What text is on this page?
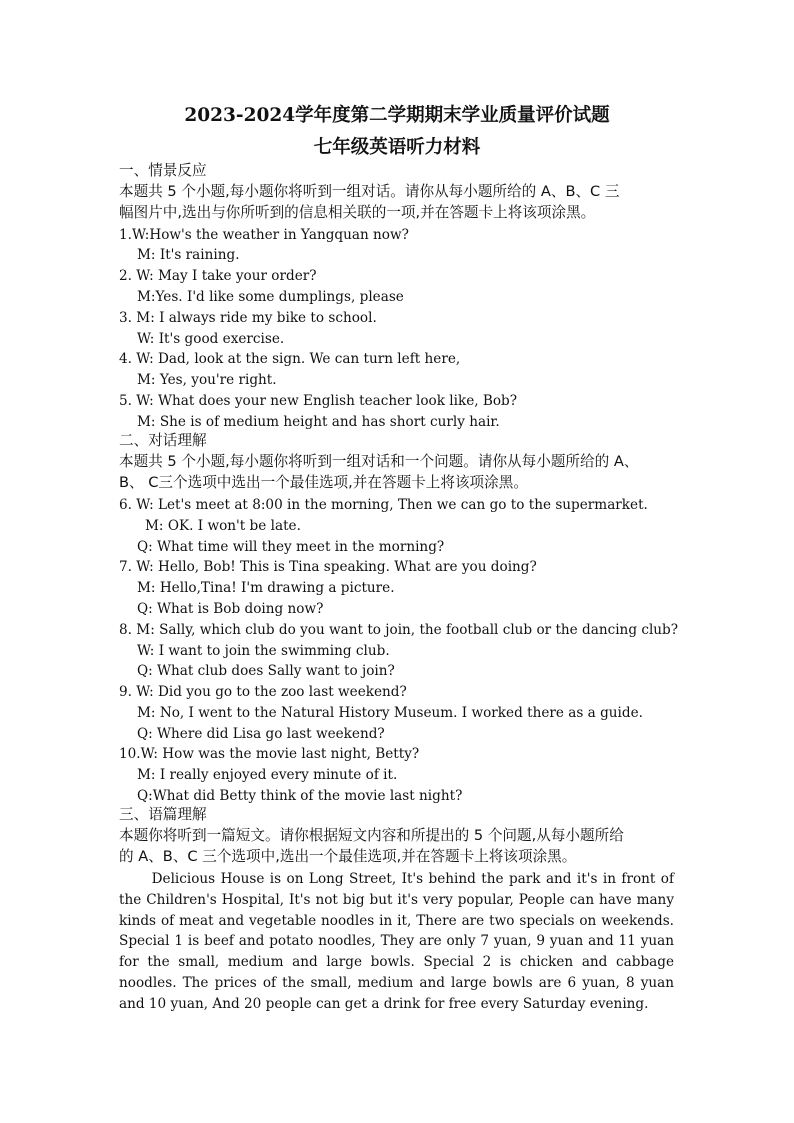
2023-2024学年度第二学期期末学业质量评价试题
七年级英语听力材料
一、情景反应
本题共 5 个小题,每小题你将听到一组对话。请你从每小题所给的 A、B、C 三
幅图片中,选出与你所听到的信息相关联的一项,并在答题卡上将该项涂黑。
1.W:How's the weather in Yangquan now?
M: It's raining.
2. W: May I take your order?
M:Yes. I'd like some dumplings, please
3. M: I always ride my bike to school.
W: It's good exercise.
4. W: Dad, look at the sign. We can turn left here,
M: Yes, you're right.
5. W: What does your new English teacher look like, Bob?
M: She is of medium height and has short curly hair.
二、对话理解
本题共 5 个小题,每小题你将听到一组对话和一个问题。请你从每小题所给的 A、
B、 C三个选项中选出一个最佳选项,并在答题卡上将该项涂黑。
6. W: Let's meet at 8:00 in the morning, Then we can go to the supermarket.
M: OK. I won't be late.
Q: What time will they meet in the morning?
7. W: Hello, Bob! This is Tina speaking. What are you doing?
M: Hello,Tina! I'm drawing a picture.
Q: What is Bob doing now?
8. M: Sally, which club do you want to join, the football club or the dancing club?
W: I want to join the swimming club.
Q: What club does Sally want to join?
9. W: Did you go to the zoo last weekend?
M: No, I went to the Natural History Museum. I worked there as a guide.
Q: Where did Lisa go last weekend?
10.W: How was the movie last night, Betty?
M: I really enjoyed every minute of it.
Q:What did Betty think of the movie last night?
三、语篇理解
本题你将听到一篇短文。请你根据短文内容和所提出的 5 个问题,从每小题所给
的 A、B、C 三个选项中,选出一个最佳选项,并在答题卡上将该项涂黑。
Delicious House is on Long Street, It's behind the park and it's in front of the Children's Hospital, It's not big but it's very popular, People can have many kinds of meat and vegetable noodles in it, There are two specials on weekends. Special 1 is beef and potato noodles, They are only 7 yuan, 9 yuan and 11 yuan for the small, medium and large bowls. Special 2 is chicken and cabbage noodles. The prices of the small, medium and large bowls are 6 yuan, 8 yuan and 10 yuan, And 20 people can get a drink for free every Saturday evening.
